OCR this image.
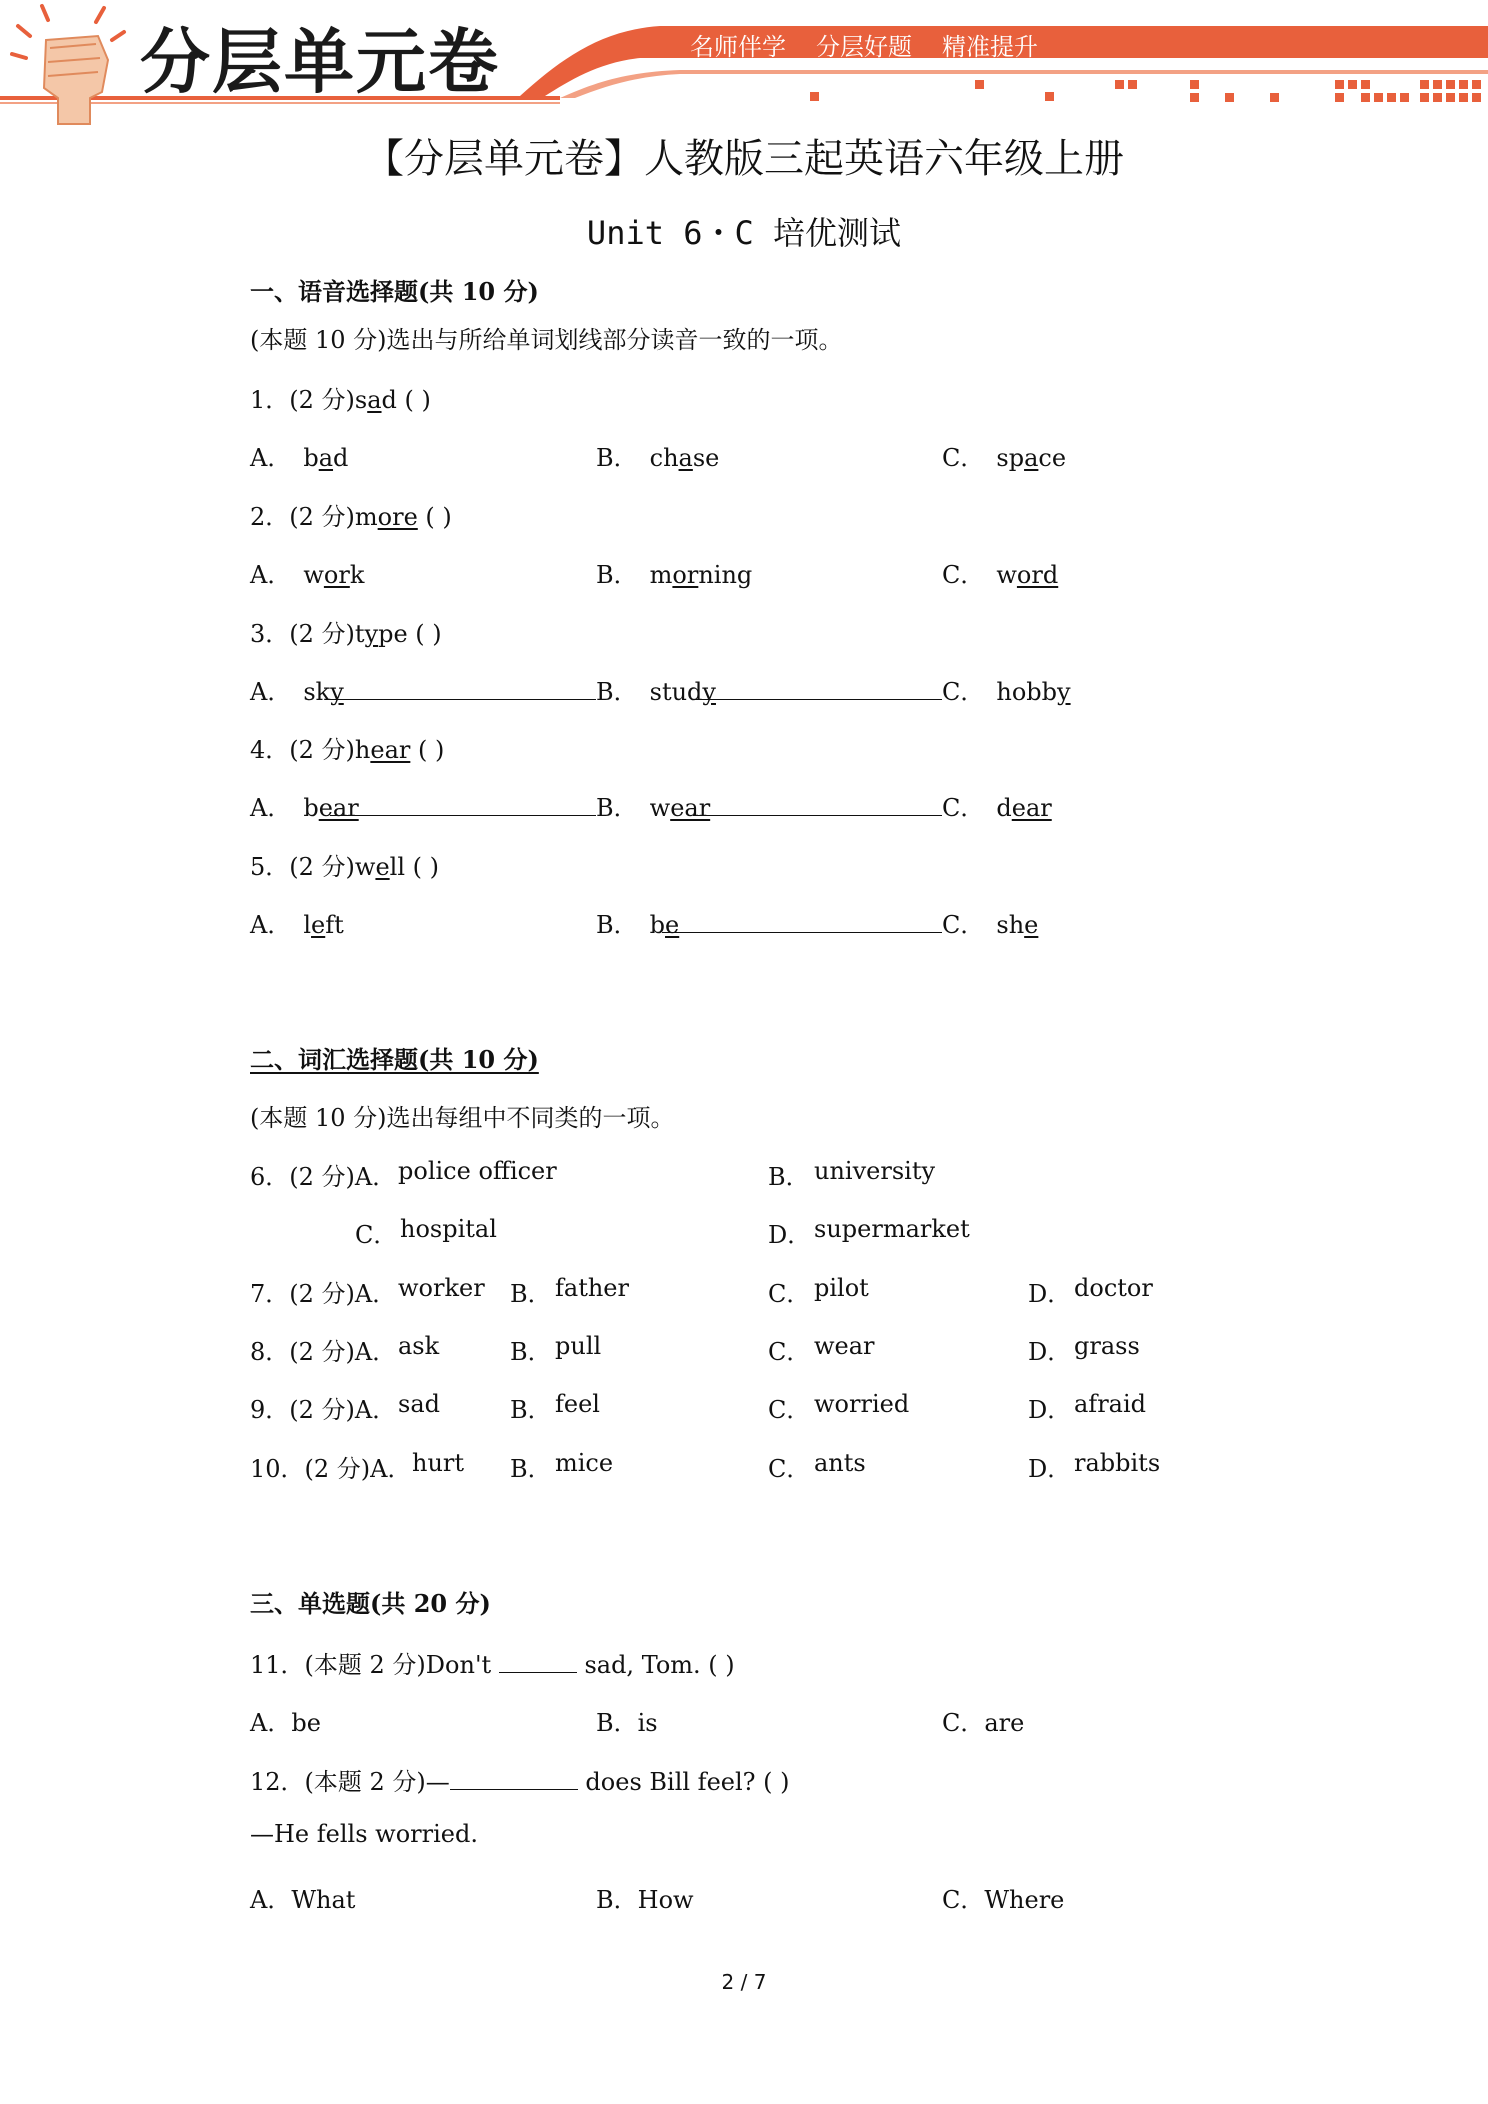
分层单元卷	名师伴学 分层好题 精准提升
【分层单元卷】人教版三起英语六年级上册
Unit 6・C 培优测试
一、语音选择题(共 10 分)
(本题 10 分)选出与所给单词划线部分读音一致的一项。
1．(2 分)sad ( )
A． bad	B． chase	C． space
2．(2 分)more ( )
A． work	B． morning	C． word
3．(2 分)type ( )
A． sky	B． study	C． hobby
4．(2 分)hear ( )
A． bear	B． wear	C． dear
5．(2 分)well ( )
A． left	B． be	C． she
二、词汇选择题(共 10 分)
(本题 10 分)选出每组中不同类的一项。
6．(2 分)A． police officer	B． university
C． hospital	D． supermarket
7．(2 分)A． worker B． father	C． pilot	D． doctor
8．(2 分)A． ask	B． pull	C． wear	D． grass
9．(2 分)A． sad	B． feel	C． worried	D． afraid
10．(2 分)A． hurt B． mice	C． ants	D． rabbits
三、单选题(共 20 分)
11．(本题 2 分)Don't	sad, Tom. ( )
A．be	B．is	C．are
12．(本题 2 分)—	does Bill feel? ( )
—He fells worried.
A．What	B．How	C．Where
2 / 7
